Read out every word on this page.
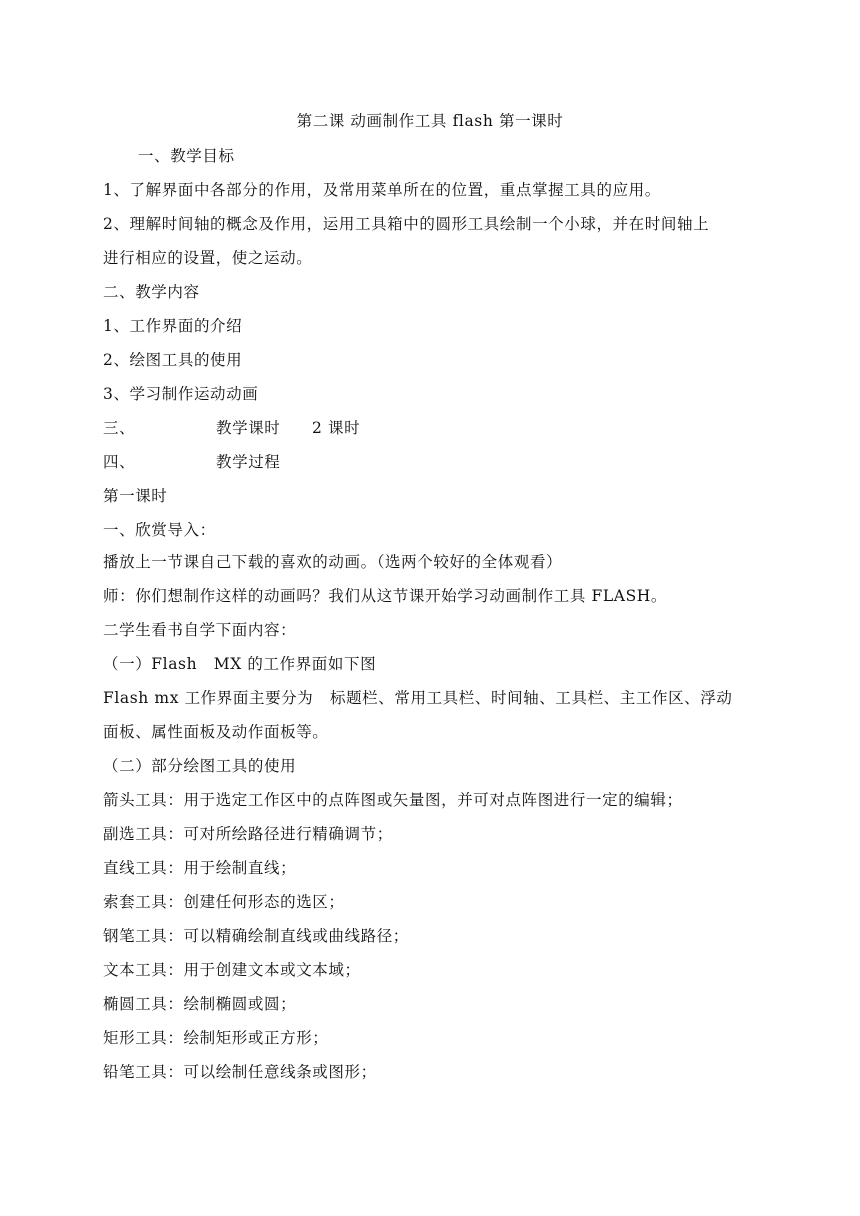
第二课 动画制作工具 flash 第一课时
一、教学目标
1、了解界面中各部分的作用，及常用菜单所在的位置，重点掌握工具的应用。
2、理解时间轴的概念及作用，运用工具箱中的圆形工具绘制一个小球，并在时间轴上
进行相应的设置，使之运动。
二、教学内容
1、工作界面的介绍
2、绘图工具的使用
3、学习制作运动动画
三、	教学课时 2 课时
四、	教学过程
第一课时
一、欣赏导入：
播放上一节课自己下载的喜欢的动画。（选两个较好的全体观看）
师：你们想制作这样的动画吗？我们从这节课开始学习动画制作工具 FLASH。
二学生看书自学下面内容：
（一）Flash   MX 的工作界面如下图
Flash mx 工作界面主要分为   标题栏、常用工具栏、时间轴、工具栏、主工作区、浮动
面板、属性面板及动作面板等。
（二）部分绘图工具的使用
箭头工具：用于选定工作区中的点阵图或矢量图，并可对点阵图进行一定的编辑；
副选工具：可对所绘路径进行精确调节；
直线工具：用于绘制直线；
索套工具：创建任何形态的选区；
钢笔工具：可以精确绘制直线或曲线路径；
文本工具：用于创建文本或文本域；
椭圆工具：绘制椭圆或圆；
矩形工具：绘制矩形或正方形；
铅笔工具：可以绘制任意线条或图形；
